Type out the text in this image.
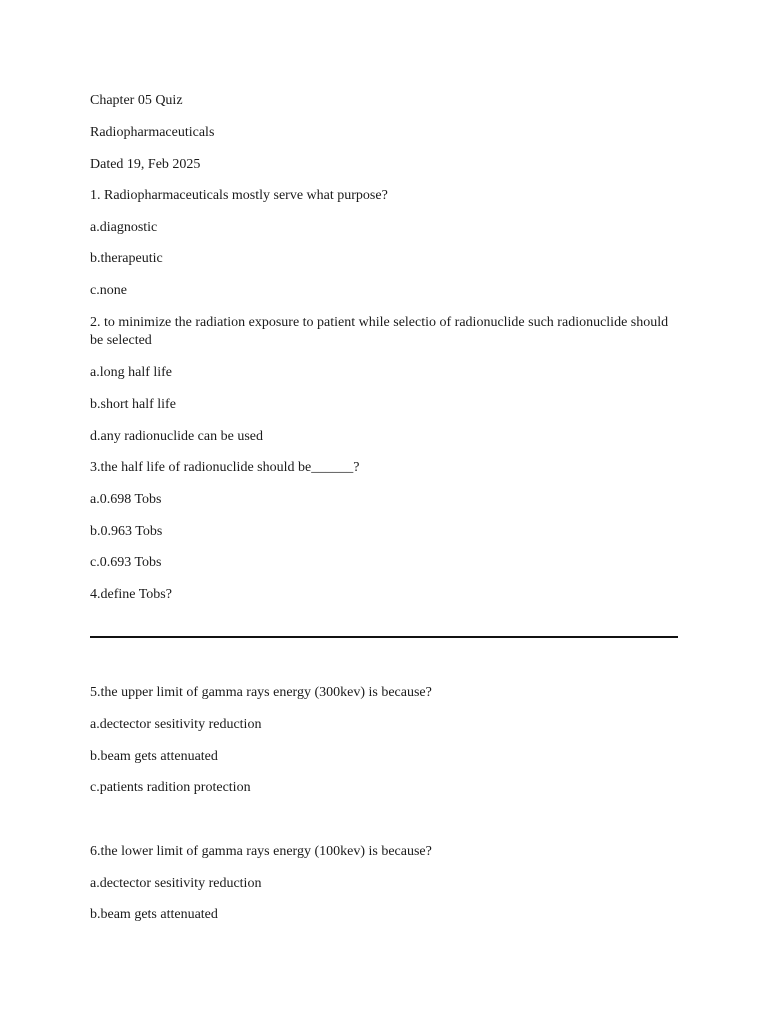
Chapter 05 Quiz

Radiopharmaceuticals

Dated 19, Feb 2025

1. Radiopharmaceuticals mostly serve what purpose?

a.diagnostic

b.therapeutic

c.none

2. to minimize the radiation exposure to patient while selectio of radionuclide such radionuclide should be selected

a.long half life

b.short half life

d.any radionuclide can be used

3.the half life of radionuclide should be______?

a.0.698 Tobs

b.0.963 Tobs

c.0.693 Tobs

4.define Tobs?

5.the upper limit of gamma rays energy (300kev) is because?

a.dectector sesitivity reduction

b.beam gets attenuated

c.patients radition protection

6.the lower limit of gamma rays energy (100kev) is because?

a.dectector sesitivity reduction

b.beam gets attenuated
